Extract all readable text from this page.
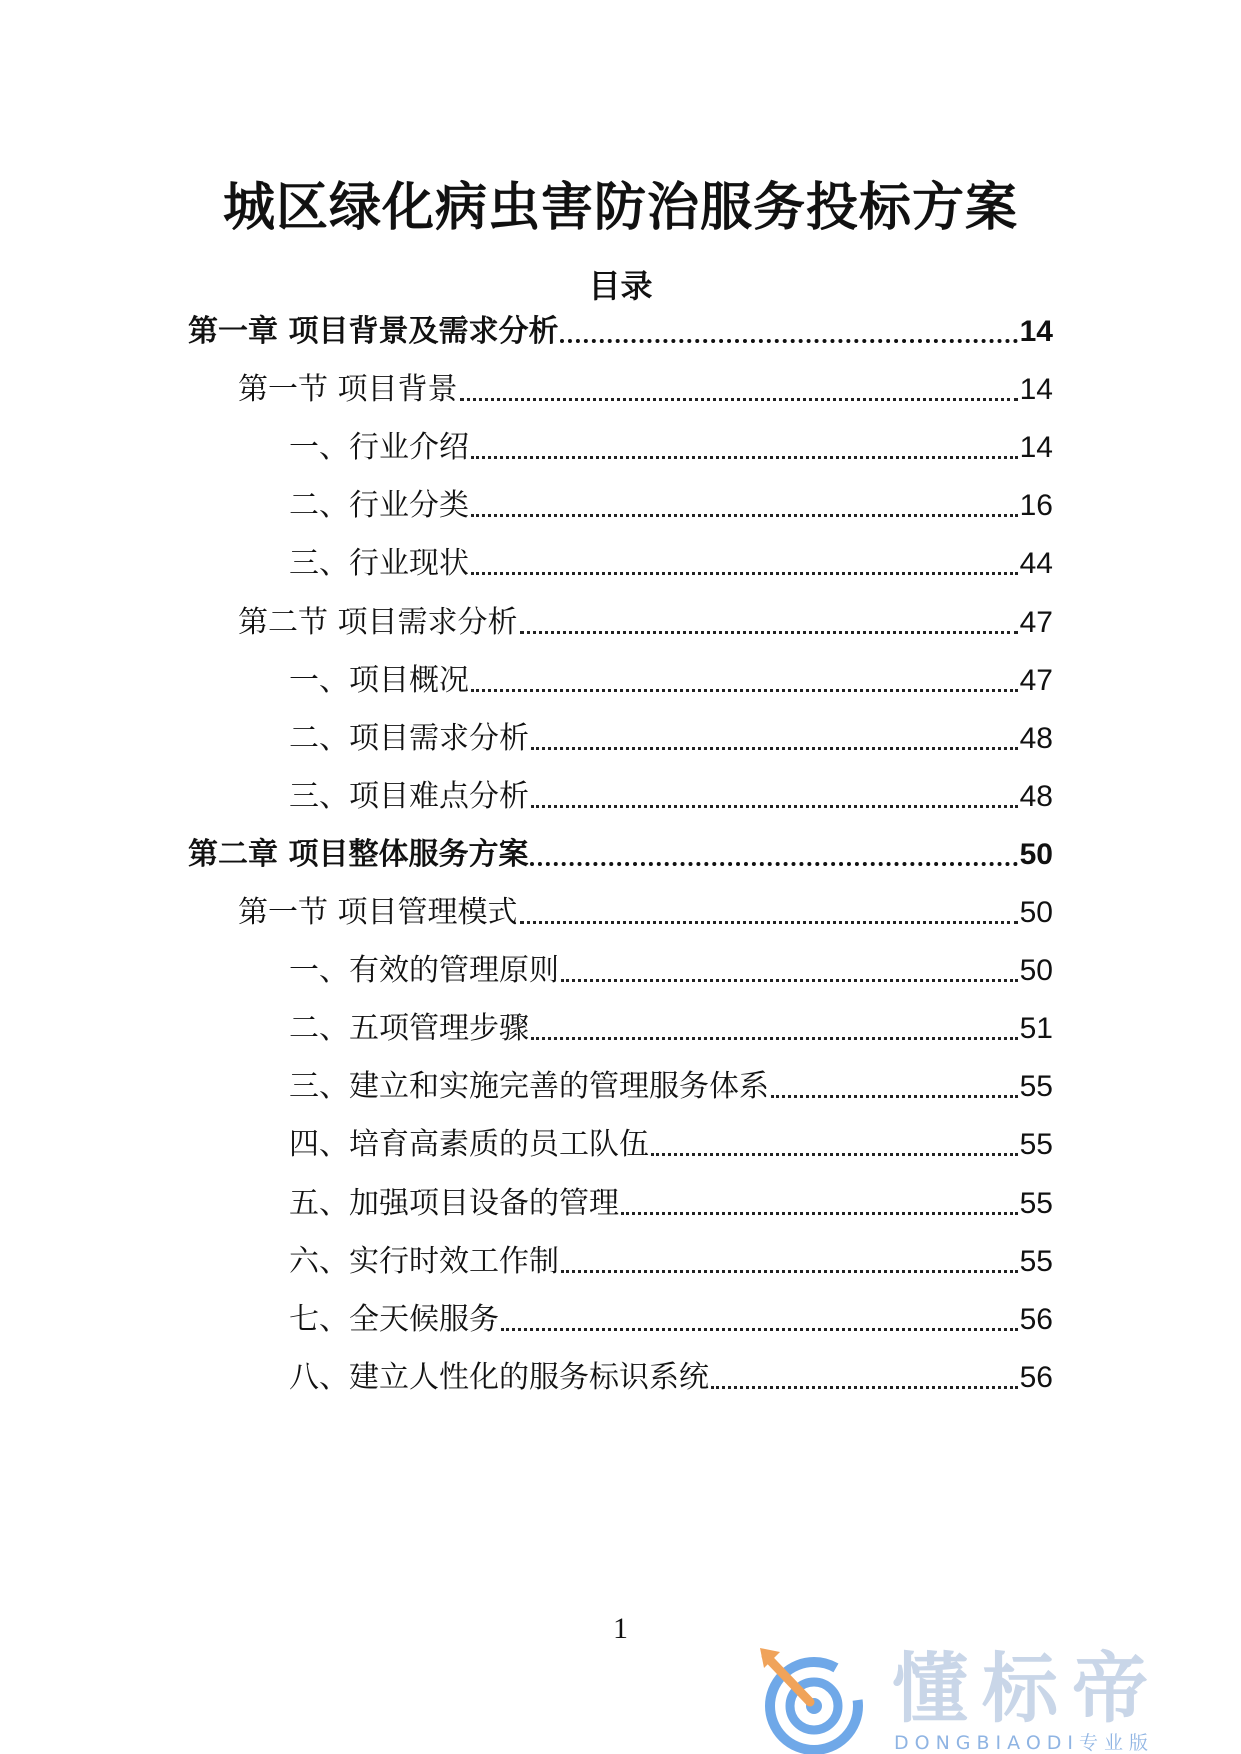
城区绿化病虫害防治服务投标方案
目录
第一章 项目背景及需求分析	14
第一节 项目背景	14
一、行业介绍	14
二、行业分类	16
三、行业现状	44
第二节 项目需求分析	47
一、项目概况	47
二、项目需求分析	48
三、项目难点分析	48
第二章 项目整体服务方案	50
第一节 项目管理模式	50
一、有效的管理原则	50
二、五项管理步骤	51
三、建立和实施完善的管理服务体系	55
四、培育高素质的员工队伍	55
五、加强项目设备的管理	55
六、实行时效工作制	55
七、全天候服务	56
八、建立人性化的服务标识系统	56
1
懂标帝
DONGBIAODI专业版
